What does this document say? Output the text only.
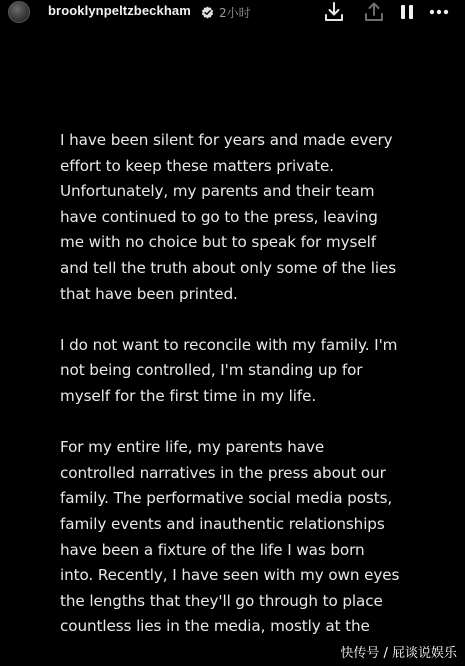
brooklynpeltzbeckham 2小时

I have been silent for years and made every
effort to keep these matters private.
Unfortunately, my parents and their team
have continued to go to the press, leaving
me with no choice but to speak for myself
and tell the truth about only some of the lies
that have been printed.

I do not want to reconcile with my family. I'm
not being controlled, I'm standing up for
myself for the first time in my life.

For my entire life, my parents have
controlled narratives in the press about our
family. The performative social media posts,
family events and inauthentic relationships
have been a fixture of the life I was born
into. Recently, I have seen with my own eyes
the lengths that they'll go through to place
countless lies in the media, mostly at the

快传号 / 屁谈说娱乐
